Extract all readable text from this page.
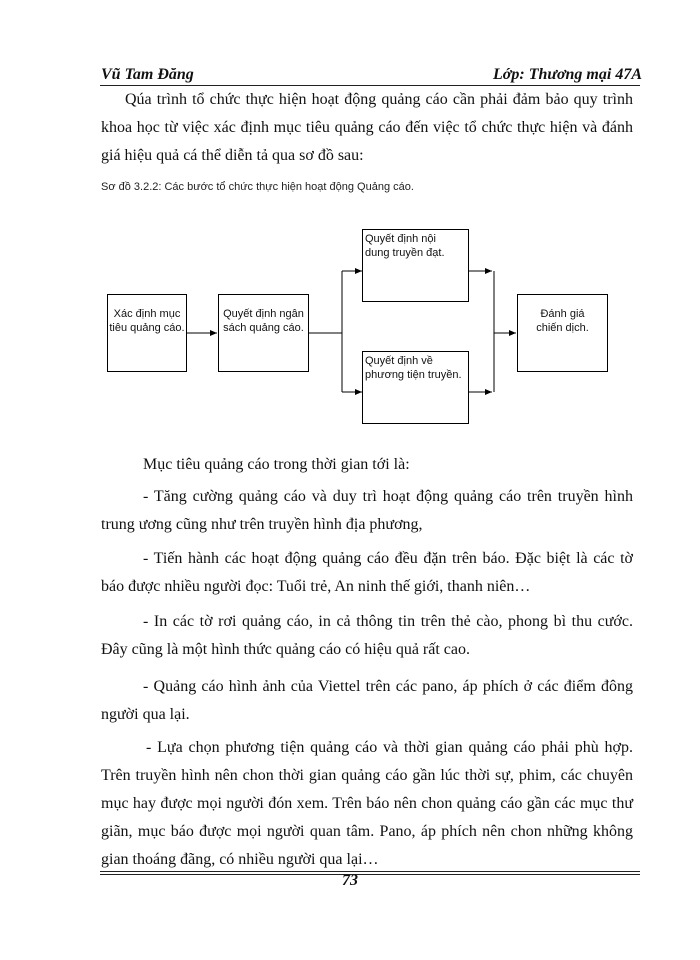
Vũ Tam Đăng	Lớp: Thương mại 47A

Qúa trình tổ chức thực hiện hoạt động quảng cáo cần phải đảm bảo quy trình khoa học từ việc xác định mục tiêu quảng cáo đến việc tổ chức thực hiện và đánh giá hiệu quả cá thể diễn tả qua sơ đồ sau:

Sơ đồ 3.2.2: Các bước tổ chức thực hiện hoạt động Quảng cáo.
Xác định mục tiêu quảng cáo.
Quyết định ngân sách quảng cáo.
Quyết định nội dung truyền đạt.
Quyết định về phương tiện truyền.
Đánh giá chiến dịch.

Mục tiêu quảng cáo trong thời gian tới là:

- Tăng cường quảng cáo và duy trì hoạt động quảng cáo trên truyền hình trung ương cũng như trên truyền hình địa phương,

- Tiến hành các hoạt động quảng cáo đều đặn trên báo. Đặc biệt là các tờ báo được nhiều người đọc: Tuổi trẻ, An ninh thế giới, thanh niên…

- In các tờ rơi quảng cáo, in cả thông tin trên thẻ cào, phong bì thu cước. Đây cũng là một hình thức quảng cáo có hiệu quả rất cao.

- Quảng cáo hình ảnh của Viettel trên các pano, áp phích ở các điểm đông người qua lại.

- Lựa chọn phương tiện quảng cáo và thời gian quảng cáo phải phù hợp. Trên truyền hình nên chon thời gian quảng cáo gần lúc thời sự, phim, các chuyên mục hay được mọi người đón xem. Trên báo nên chon quảng cáo gần các mục thư giãn, mục báo được mọi người quan tâm. Pano, áp phích nên chon những không gian thoáng đãng, có nhiều người qua lại…

73
